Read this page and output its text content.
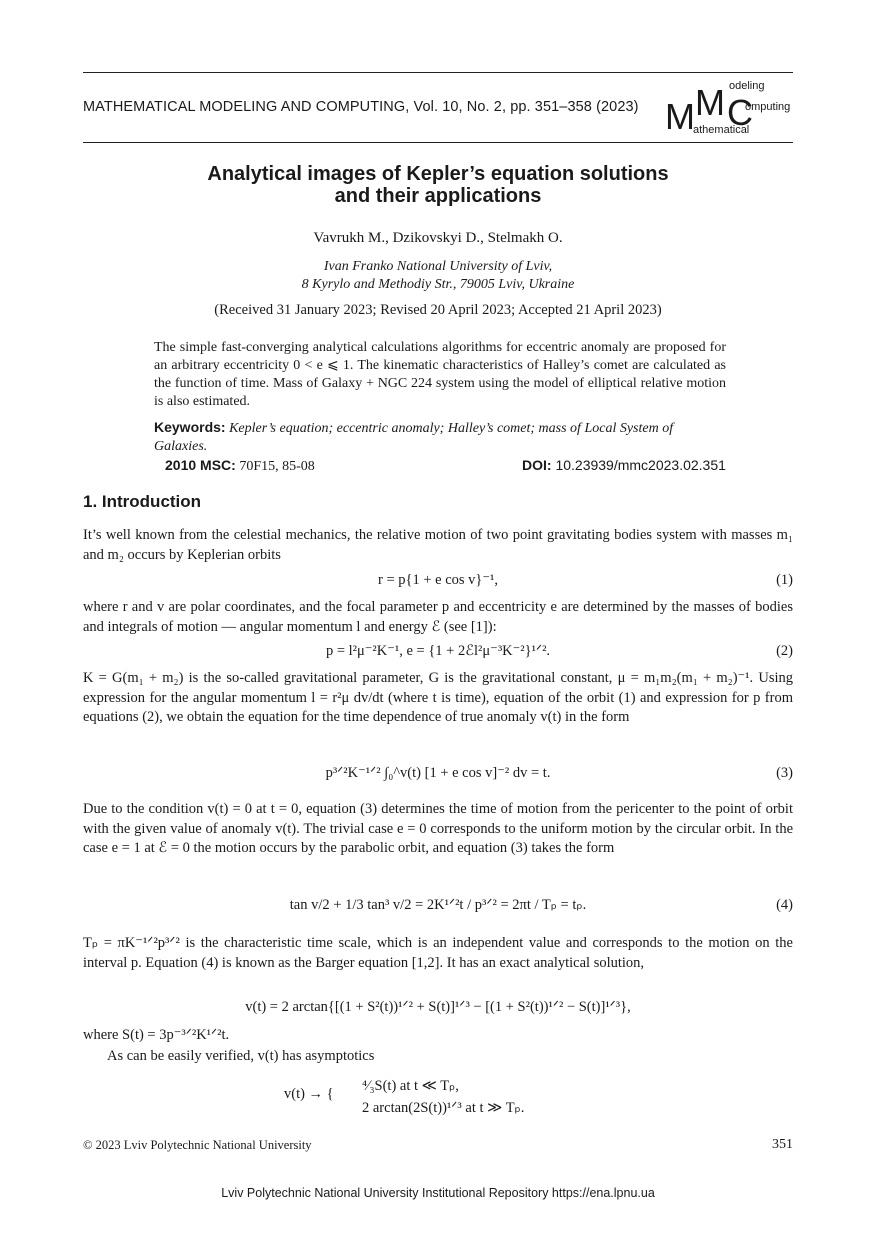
MATHEMATICAL MODELING AND COMPUTING, Vol. 10, No. 2, pp. 351–358 (2023) M M C
odeling
omputing
athematical
Analytical images of Kepler’s equation solutions
and their applications
Vavrukh M., Dzikovskyi D., Stelmakh O.
Ivan Franko National University of Lviv,
8 Kyrylo and Methodiy Str., 79005 Lviv, Ukraine
(Received 31 January 2023; Revised 20 April 2023; Accepted 21 April 2023)
The simple fast-converging analytical calculations algorithms for eccentric anomaly are proposed for an arbitrary eccentricity 0 < e ⩽ 1. The kinematic characteristics of Halley’s comet are calculated as the function of time. Mass of Galaxy + NGC 224 system using the model of elliptical relative motion is also estimated.
Keywords: Kepler’s equation; eccentric anomaly; Halley’s comet; mass of Local System of Galaxies.
2010 MSC: 70F15, 85-08	DOI: 10.23939/mmc2023.02.351
1. Introduction
It’s well known from the celestial mechanics, the relative motion of two point gravitating bodies system with masses m₁ and m₂ occurs by Keplerian orbits
r = p{1 + e cos v}⁻¹,	(1)
where r and v are polar coordinates, and the focal parameter p and eccentricity e are determined by the masses of bodies and integrals of motion — angular momentum l and energy ℰ (see [1]):
p = l²μ⁻²K⁻¹, e = {1 + 2ℰl²μ⁻³K⁻²}¹ᐟ².	(2)
K = G(m₁ + m₂) is the so-called gravitational parameter, G is the gravitational constant, μ = m₁m₂(m₁ + m₂)⁻¹. Using expression for the angular momentum l = r²μ dv/dt (where t is time), equation of the orbit (1) and expression for p from equations (2), we obtain the equation for the time dependence of true anomaly v(t) in the form
p³ᐟ²K⁻¹ᐟ² ∫₀^v(t) [1 + e cos v]⁻² dv = t.	(3)
Due to the condition v(t) = 0 at t = 0, equation (3) determines the time of motion from the pericenter to the point of orbit with the given value of anomaly v(t). The trivial case e = 0 corresponds to the uniform motion by the circular orbit. In the case e = 1 at ℰ = 0 the motion occurs by the parabolic orbit, and equation (3) takes the form
tan v/2 + 1/3 tan³ v/2 = 2K¹ᐟ²t / p³ᐟ² = 2πt / Tₚ = tₚ.	(4)
Tₚ = πK⁻¹ᐟ²p³ᐟ² is the characteristic time scale, which is an independent value and corresponds to the motion on the interval p. Equation (4) is known as the Barger equation [1,2]. It has an exact analytical solution,
v(t) = 2 arctan{[(1 + S²(t))¹ᐟ² + S(t)]¹ᐟ³ − [(1 + S²(t))¹ᐟ² − S(t)]¹ᐟ³},
where S(t) = 3p⁻³ᐟ²K¹ᐟ²t.
As can be easily verified, v(t) has asymptotics
v(t) → { ⁴⁄₃S(t) at t ≪ Tₚ,
2 arctan(2S(t))¹ᐟ³ at t ≫ Tₚ.
© 2023 Lviv Polytechnic National University	351
Lviv Polytechnic National University Institutional Repository https://ena.lpnu.ua
